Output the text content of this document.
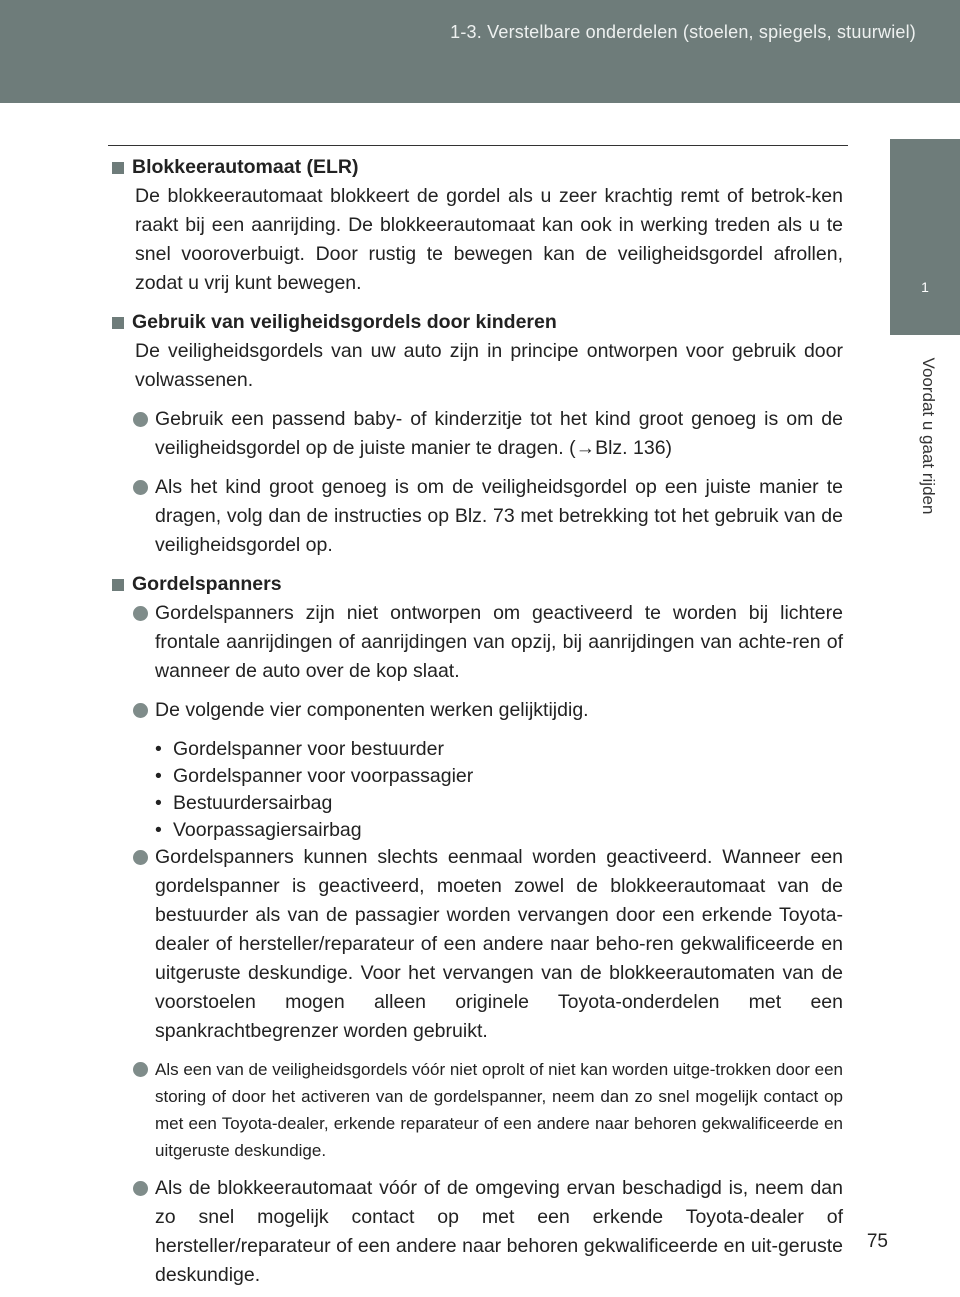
1-3. Verstelbare onderdelen (stoelen, spiegels, stuurwiel)
1
Voordat u gaat rijden

Blokkeerautomaat (ELR)

De blokkeerautomaat blokkeert de gordel als u zeer krachtig remt of betrok-ken raakt bij een aanrijding. De blokkeerautomaat kan ook in werking treden als u te snel vooroverbuigt. Door rustig te bewegen kan de veiligheidsgordel afrollen, zodat u vrij kunt bewegen.

Gebruik van veiligheidsgordels door kinderen

De veiligheidsgordels van uw auto zijn in principe ontworpen voor gebruik door volwassenen.

Gebruik een passend baby- of kinderzitje tot het kind groot genoeg is om de veiligheidsgordel op de juiste manier te dragen. (→Blz. 136)
Als het kind groot genoeg is om de veiligheidsgordel op een juiste manier te dragen, volg dan de instructies op Blz. 73 met betrekking tot het gebruik van de veiligheidsgordel op.

Gordelspanners

Gordelspanners zijn niet ontworpen om geactiveerd te worden bij lichtere frontale aanrijdingen of aanrijdingen van opzij, bij aanrijdingen van achte-ren of wanneer de auto over de kop slaat.
De volgende vier componenten werken gelijktijdig.
• Gordelspanner voor bestuurder
• Gordelspanner voor voorpassagier
• Bestuurdersairbag
• Voorpassagiersairbag
Gordelspanners kunnen slechts eenmaal worden geactiveerd. Wanneer een gordelspanner is geactiveerd, moeten zowel de blokkeerautomaat van de bestuurder als van de passagier worden vervangen door een erkende Toyota-dealer of hersteller/reparateur of een andere naar beho-ren gekwalificeerde en uitgeruste deskundige. Voor het vervangen van de blokkeerautomaten van de voorstoelen mogen alleen originele Toyota-onderdelen met een spankrachtbegrenzer worden gebruikt.
Als een van de veiligheidsgordels vóór niet oprolt of niet kan worden uitge-trokken door een storing of door het activeren van de gordelspanner, neem dan zo snel mogelijk contact op met een Toyota-dealer, erkende reparateur of een andere naar behoren gekwalificeerde en uitgeruste deskundige.
Als de blokkeerautomaat vóór of de omgeving ervan beschadigd is, neem dan zo snel mogelijk contact op met een erkende Toyota-dealer of hersteller/reparateur of een andere naar behoren gekwalificeerde en uit-geruste deskundige.
75
